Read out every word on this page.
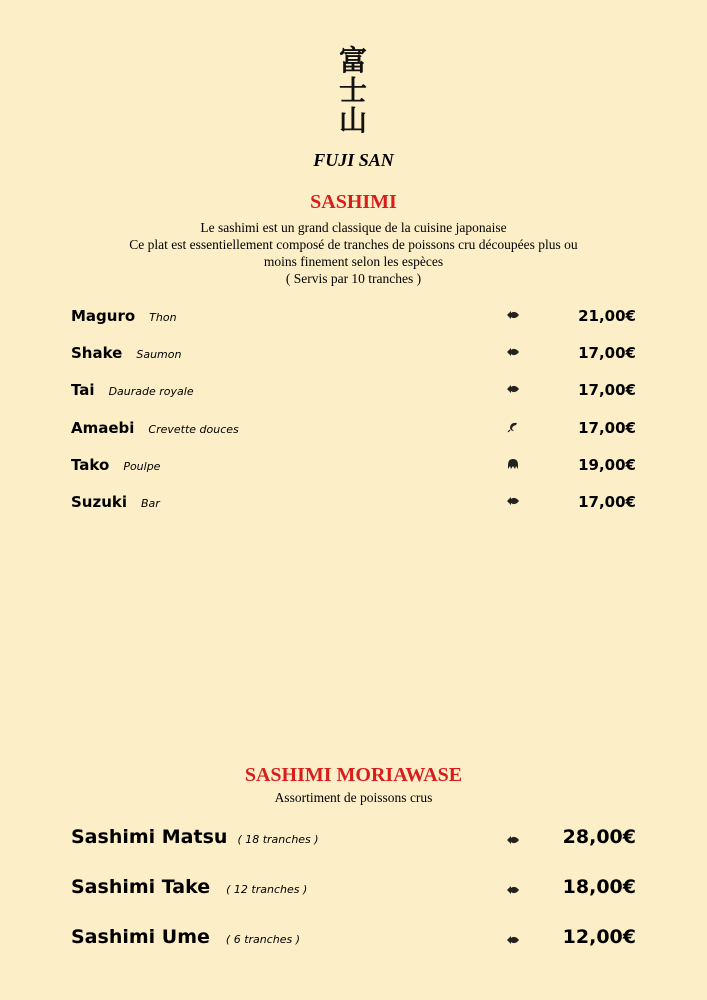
富
士
山
FUJI SAN
SASHIMI
Le sashimi est un grand classique de la cuisine japonaise
Ce plat est essentiellement composé de tranches de poissons cru découpées plus ou
moins finement selon les espèces
( Servis par 10 tranches )
Maguro Thon	21,00€
Shake Saumon	17,00€
Tai Daurade royale	17,00€
Amaebi Crevette douces	17,00€
Tako Poulpe	19,00€
Suzuki Bar	17,00€
SASHIMI MORIAWASE
Assortiment de poissons crus
Sashimi Matsu ( 18 tranches )	28,00€
Sashimi Take ( 12 tranches )	18,00€
Sashimi Ume ( 6 tranches )	12,00€
